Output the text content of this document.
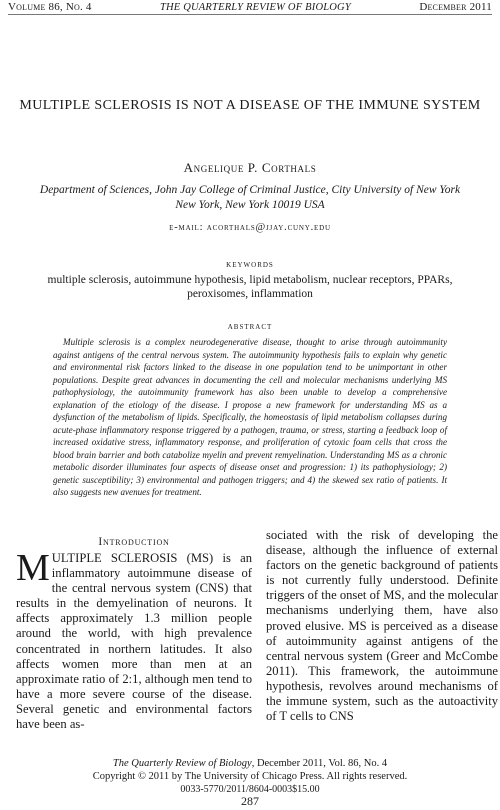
Volume 86, No. 4	THE QUARTERLY REVIEW OF BIOLOGY	December 2011
MULTIPLE SCLEROSIS IS NOT A DISEASE OF THE IMMUNE SYSTEM
Angelique P. Corthals
Department of Sciences, John Jay College of Criminal Justice, City University of New York
New York, New York 10019 USA
e-mail: acorthals@jjay.cuny.edu
keywords
multiple sclerosis, autoimmune hypothesis, lipid metabolism, nuclear receptors, PPARs, peroxisomes, inflammation
abstract
Multiple sclerosis is a complex neurodegenerative disease, thought to arise through autoimmunity against antigens of the central nervous system. The autoimmunity hypothesis fails to explain why genetic and environmental risk factors linked to the disease in one population tend to be unimportant in other populations. Despite great advances in documenting the cell and molecular mechanisms underlying MS pathophysiology, the autoimmunity framework has also been unable to develop a comprehensive explanation of the etiology of the disease. I propose a new framework for understanding MS as a dysfunction of the metabolism of lipids. Specifically, the homeostasis of lipid metabolism collapses during acute-phase inflammatory response triggered by a pathogen, trauma, or stress, starting a feedback loop of increased oxidative stress, inflammatory response, and proliferation of cytoxic foam cells that cross the blood brain barrier and both catabolize myelin and prevent remyelination. Understanding MS as a chronic metabolic disorder illuminates four aspects of disease onset and progression: 1) its pathophysiology; 2) genetic susceptibility; 3) environmental and pathogen triggers; and 4) the skewed sex ratio of patients. It also suggests new avenues for treatment.
Introduction

MULTIPLE SCLEROSIS (MS) is an inflammatory autoimmune disease of the central nervous system (CNS) that results in the demyelination of neurons. It affects approximately 1.3 million people around the world, with high prevalence concentrated in northern latitudes. It also affects women more than men at an approximate ratio of 2:1, although men tend to have a more severe course of the disease. Several genetic and environmental factors have been as-

sociated with the risk of developing the disease, although the influence of external factors on the genetic background of patients is not currently fully understood. Definite triggers of the onset of MS, and the molecular mechanisms underlying them, have also proved elusive. MS is perceived as a disease of autoimmunity against antigens of the central nervous system (Greer and McCombe 2011). This framework, the autoimmune hypothesis, revolves around mechanisms of the immune system, such as the autoactivity of T cells to CNS

The Quarterly Review of Biology, December 2011, Vol. 86, No. 4
Copyright © 2011 by The University of Chicago Press. All rights reserved.
0033-5770/2011/8604-0003$15.00
287
